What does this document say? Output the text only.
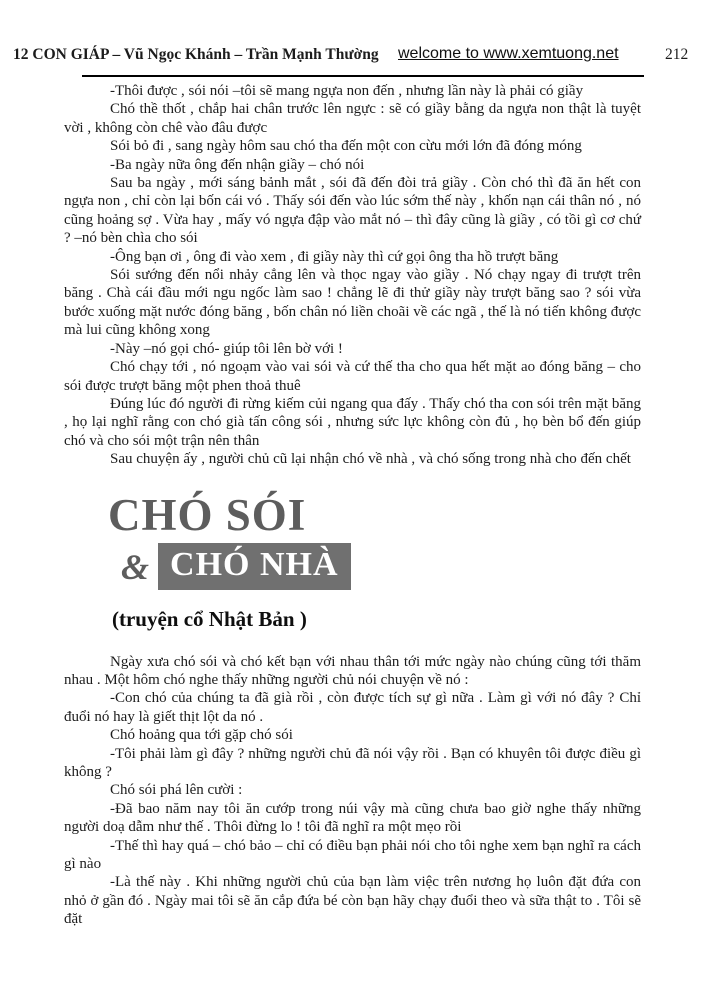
12 CON GIÁP – Vũ Ngọc Khánh – Trần Mạnh Thường welcome to www.xemtuong.net	212

-Thôi được , sói nói –tôi sẽ mang ngựa non đến , nhưng lần này là phải có giầy

Chó thề thốt , chắp hai chân trước lên ngực : sẽ có giầy bằng da ngựa non thật là tuyệt vời , không còn chê vào đâu được

Sói bỏ đi , sang ngày hôm sau chó tha đến một con cừu mới lớn đã đóng móng

-Ba ngày nữa ông đến nhận giầy – chó nói

Sau ba ngày , mới sáng bảnh mắt , sói đã đến đòi trả giầy . Còn chó thì đã ăn hết con ngựa non , chỉ còn lại bốn cái vó . Thấy sói đến vào lúc sớm thế này , khốn nạn cái thân nó , nó cũng hoảng sợ . Vừa hay , mấy vó ngựa đập vào mắt nó – thì đây cũng là giầy , có tồi gì cơ chứ ? –nó bèn chìa cho sói

-Ông bạn ơi , ông đi vào xem , đi giầy này thì cứ gọi ông tha hồ trượt băng

Sói sướng đến nổi nhảy cẳng lên và thọc ngay vào giầy . Nó chạy ngay đi trượt trên băng . Chà cái đầu mới ngu ngốc làm sao ! chẳng lẽ đi thử giầy này trượt băng sao ? sói vừa bước xuống mặt nước đóng băng , bốn chân nó liền choãi về các ngã , thế là nó tiến không được mà lui cũng không xong

-Này –nó gọi chó- giúp tôi lên bờ với !

Chó chạy tới , nó ngoạm vào vai sói và cứ thế tha cho qua hết mặt ao đóng băng – cho sói được trượt băng một phen thoả thuê

Đúng lúc đó người đi rừng kiếm củi ngang qua đấy . Thấy chó tha con sói trên mặt băng , họ lại nghĩ rằng con chó già tấn công sói , nhưng sức lực không còn đủ , họ bèn bổ đến giúp chó và cho sói một trận nên thân

Sau chuyện ấy , người chủ cũ lại nhận chó về nhà , và chó sống trong nhà cho đến chết

CHÓ SÓI
& CHÓ NHÀ
(truyện cổ Nhật Bản )

Ngày xưa chó sói và chó kết bạn với nhau thân tới mức ngày nào chúng cũng tới thăm nhau . Một hôm chó nghe thấy những người chủ nói chuyện về nó :

-Con chó của chúng ta đã già rồi , còn được tích sự gì nữa . Làm gì với nó đây ? Chỉ đuổi nó hay là giết thịt lột da nó .

Chó hoảng qua tới gặp chó sói

-Tôi phải làm gì đây ? những người chủ đã nói vậy rồi . Bạn có khuyên tôi được điều gì không ?

Chó sói phá lên cười :

-Đã bao năm nay tôi ăn cướp trong núi vậy mà cũng chưa bao giờ nghe thấy những người doạ dẫm như thế . Thôi đừng lo ! tôi đã nghĩ ra một mẹo rồi

-Thế thì hay quá – chó bảo – chỉ có điều bạn phải nói cho tôi nghe xem bạn nghĩ ra cách gì nào

-Là thế này . Khi những người chủ của bạn làm việc trên nương họ luôn đặt đứa con nhỏ ở gần đó . Ngày mai tôi sẽ ăn cắp đứa bé còn bạn hãy chạy đuổi theo và sữa thật to . Tôi sẽ đặt
